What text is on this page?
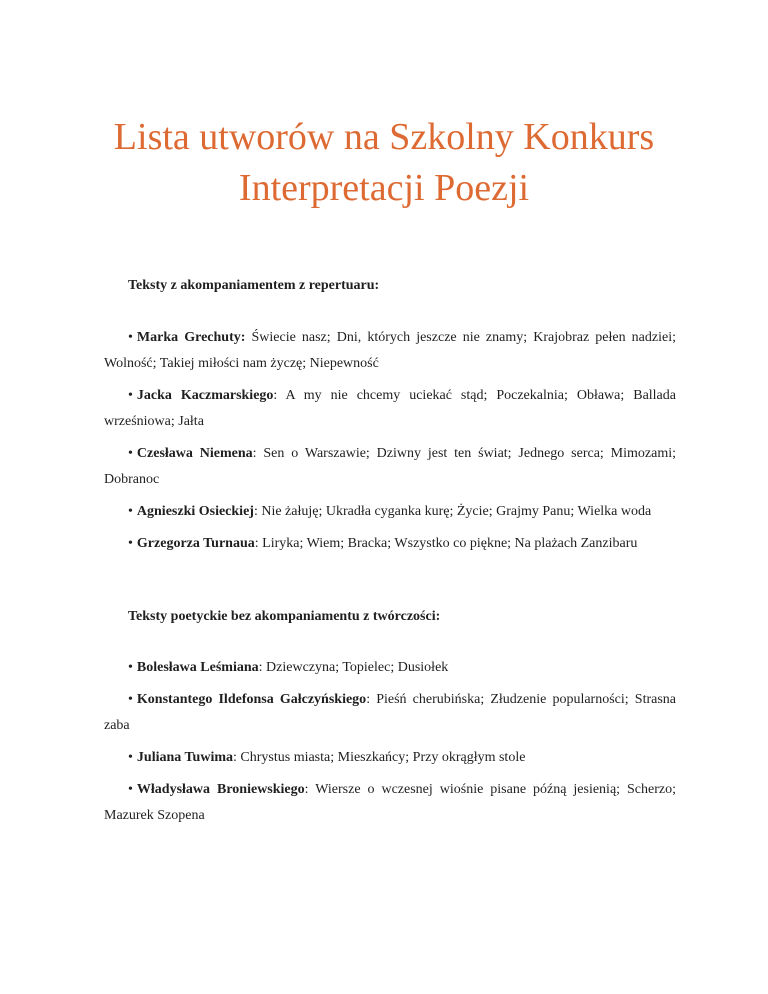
Lista utworów na Szkolny Konkurs Interpretacji Poezji

Teksty z akompaniamentem z repertuaru:

• Marka Grechuty: Świecie nasz; Dni, których jeszcze nie znamy; Krajobraz pełen nadziei; Wolność; Takiej miłości nam życzę; Niepewność
• Jacka Kaczmarskiego: A my nie chcemy uciekać stąd; Poczekalnia; Obława; Ballada wrześniowa; Jałta
• Czesława Niemena: Sen o Warszawie; Dziwny jest ten świat; Jednego serca; Mimozami; Dobranoc
• Agnieszki Osieckiej: Nie żałuję; Ukradła cyganka kurę; Życie; Grajmy Panu; Wielka woda
• Grzegorza Turnaua: Liryka; Wiem; Bracka; Wszystko co piękne; Na plażach Zanzibaru

Teksty poetyckie bez akompaniamentu z twórczości:

• Bolesława Leśmiana: Dziewczyna; Topielec; Dusiołek
• Konstantego Ildefonsa Gałczyńskiego: Pieśń cherubińska; Złudzenie popularności; Strasna zaba
• Juliana Tuwima: Chrystus miasta; Mieszkańcy; Przy okrągłym stole
• Władysława Broniewskiego: Wiersze o wczesnej wiośnie pisane późną jesienią; Scherzo; Mazurek Szopena
